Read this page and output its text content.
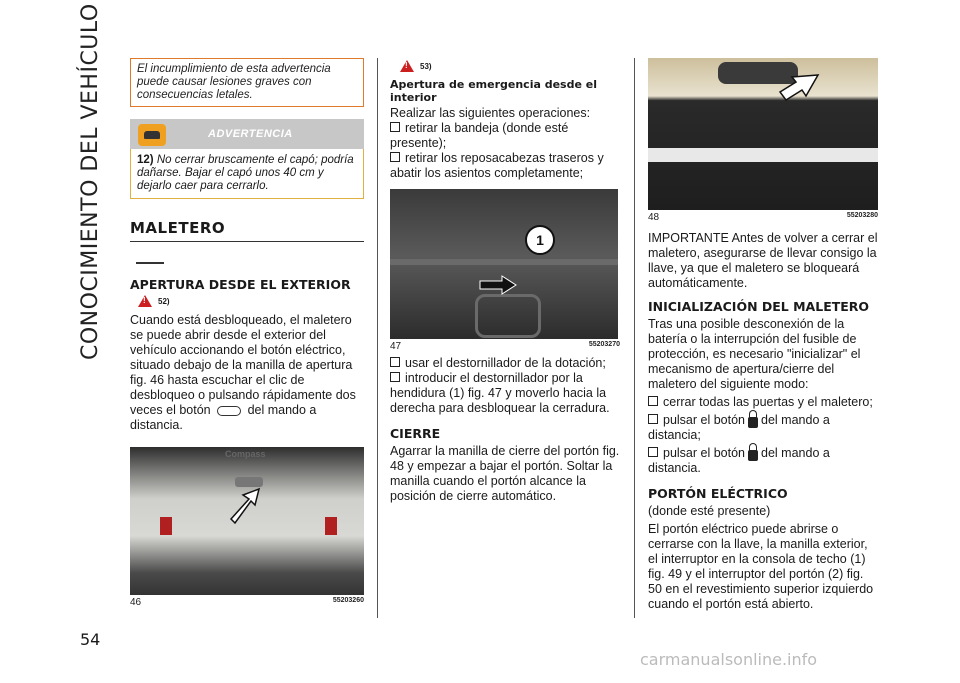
CONOCIMIENTO DEL VEHÍCULO
54
El incumplimiento de esta advertencia puede causar lesiones graves con consecuencias letales.
ADVERTENCIA
12) No cerrar bruscamente el capó; podría dañarse. Bajar el capó unos 40 cm y dejarlo caer para cerrarlo.
MALETERO
APERTURA DESDE EL EXTERIOR
!
52)

Cuando está desbloqueado, el maletero se puede abrir desde el exterior del vehículo accionando el botón eléctrico, situado debajo de la manilla de apertura fig. 46 hasta escuchar el clic de desbloqueo o pulsando rápidamente dos veces el botón	del mando a distancia.

Compass
46	55203260
!
53)
Apertura de emergencia desde el interior

Realizar las siguientes operaciones:

retirar la bandeja (donde esté presente);
retirar los reposacabezas traseros y abatir los asientos completamente;
1
47	55203270
usar el destornillador de la dotación;
introducir el destornillador por la hendidura (1) fig. 47 y moverlo hacia la derecha para desbloquear la cerradura.
CIERRE

Agarrar la manilla de cierre del portón fig. 48 y empezar a bajar el portón. Soltar la manilla cuando el portón alcance la posición de cierre automático.

48	55203280

IMPORTANTE Antes de volver a cerrar el maletero, asegurarse de llevar consigo la llave, ya que el maletero se bloqueará automáticamente.

INICIALIZACIÓN DEL MALETERO

Tras una posible desconexión de la batería o la interrupción del fusible de protección, es necesario "inicializar" el mecanismo de apertura/cierre del maletero del siguiente modo:

cerrar todas las puertas y el maletero;
pulsar el botón del mando a distancia;
pulsar el botón del mando a distancia.
PORTÓN ELÉCTRICO

(donde esté presente)

El portón eléctrico puede abrirse o cerrarse con la llave, la manilla exterior, el interruptor en la consola de techo (1) fig. 49 y el interruptor del portón (2) fig. 50 en el revestimiento superior izquierdo cuando el portón está abierto.

carmanualsonline.info
